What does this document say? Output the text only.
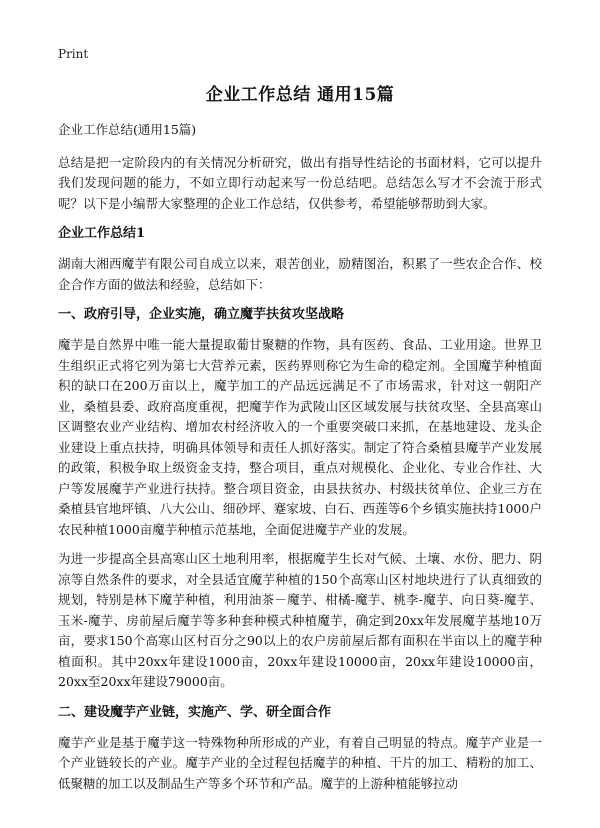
Print
企业工作总结 通用15篇

企业工作总结(通用15篇)

总结是把一定阶段内的有关情况分析研究，做出有指导性结论的书面材料，它可以提升我们发现问题的能力，不如立即行动起来写一份总结吧。总结怎么写才不会流于形式呢？以下是小编帮大家整理的企业工作总结，仅供参考，希望能够帮助到大家。

企业工作总结1

湖南大湘西魔芋有限公司自成立以来，艰苦创业，励精图治，积累了一些农企合作、校企合作方面的做法和经验，总结如下：

一、政府引导，企业实施，确立魔芋扶贫攻坚战略

魔芋是自然界中唯一能大量提取葡甘聚糖的作物，具有医药、食品、工业用途。世界卫生组织正式将它列为第七大营养元素，医药界则称它为生命的稳定剂。全国魔芋种植面积的缺口在200万亩以上，魔芋加工的产品远远满足不了市场需求，针对这一朝阳产业，桑植县委、政府高度重视，把魔芋作为武陵山区区域发展与扶贫攻坚、全县高寒山区调整农业产业结构、增加农村经济收入的一个重要突破口来抓，在基地建设、龙头企业建设上重点扶持，明确具体领导和责任人抓好落实。制定了符合桑植县魔芋产业发展的政策，积极争取上级资金支持，整合项目，重点对规模化、企业化、专业合作社、大户等发展魔芋产业进行扶持。整合项目资金，由县扶贫办、村级扶贫单位、企业三方在桑植县官地坪镇、八大公山、细砂坪、蹇家坡、白石、西莲等6个乡镇实施扶持1000户农民种植1000亩魔芋种植示范基地，全面促进魔芋产业的发展。

为进一步提高全县高寒山区土地利用率，根据魔芋生长对气候、土壤、水份、肥力、阴凉等自然条件的要求，对全县适宜魔芋种植的150个高寒山区村地块进行了认真细致的规划，特别是林下魔芋种植，利用油茶－魔芋、柑橘-魔芋、桃李-魔芋、向日葵-魔芋、玉米-魔芋、房前屋后魔芋等多种套种模式种植魔芋，确定到20xx年发展魔芋基地10万亩，要求150个高寒山区村百分之90以上的农户房前屋后都有面积在半亩以上的魔芋种植面积。其中20xx年建设1000亩，20xx年建设10000亩，20xx年建设10000亩，20xx至20xx年建设79000亩。

二、建设魔芋产业链，实施产、学、研全面合作

魔芋产业是基于魔芋这一特殊物种所形成的产业，有着自己明显的特点。魔芋产业是一个产业链较长的产业。魔芋产业的全过程包括魔芋的种植、干片的加工、精粉的加工、低聚糖的加工以及制品生产等多个环节和产品。魔芋的上游种植能够拉动
